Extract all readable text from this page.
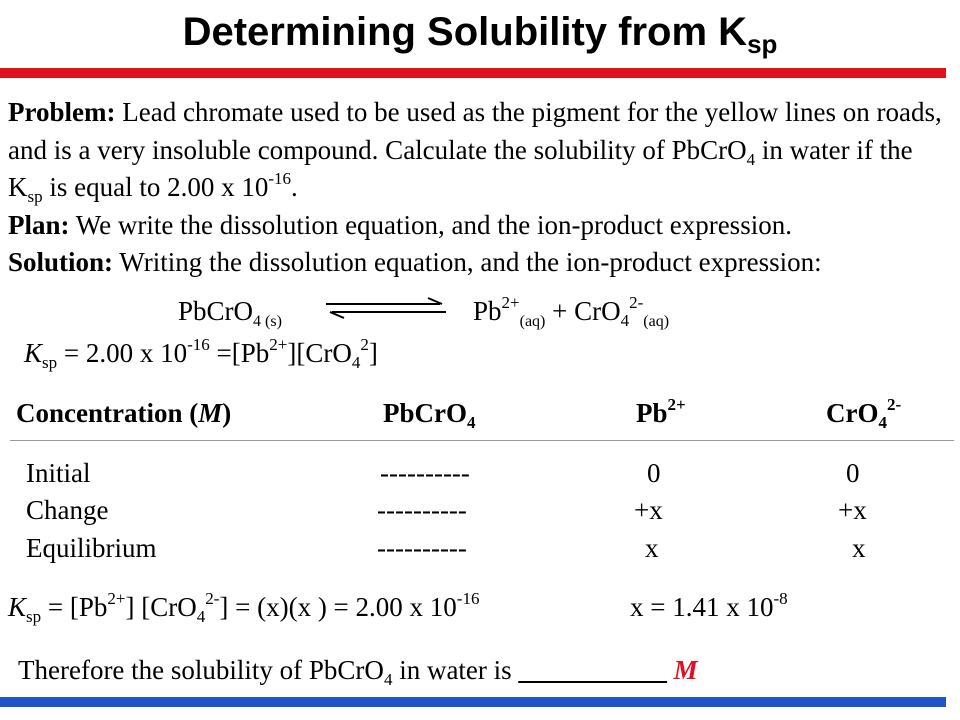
Determining Solubility from $K_{sp}$

Problem: Lead chromate used to be used as the pigment for the yellow lines on roads, and is a very insoluble compound. Calculate the solubility of PbCrO$_4$ in water if the $K_{sp}$ is equal to 2.00 x $10^{-16}$.

Plan: We write the dissolution equation, and the ion-product expression.

Solution: Writing the dissolution equation, and the ion-product expression:

PbCrO$_{4 (s)}$	$Pb^{2+}_{(aq)} + CrO_4^{2-}_{(aq)}$
$K_{sp} = 2.00$ x $10^{-16} =[Pb^{2+}][CrO_4^2]$
Concentration (M)	PbCrO$_4$	$Pb^{2+}$	CrO$_4^{2-}$
Initial	----------	0	0
Change	----------	+x	+x
Equilibrium	----------	x	x
$K_{sp} = [Pb^{2+}] [CrO_4^{2-}] = (x)(x$ ) = 2.00 x $10^{-16}$	x = 1.41 x $10^{-8}$
Therefore the solubility of PbCrO$_4$ in water is ___________ M
